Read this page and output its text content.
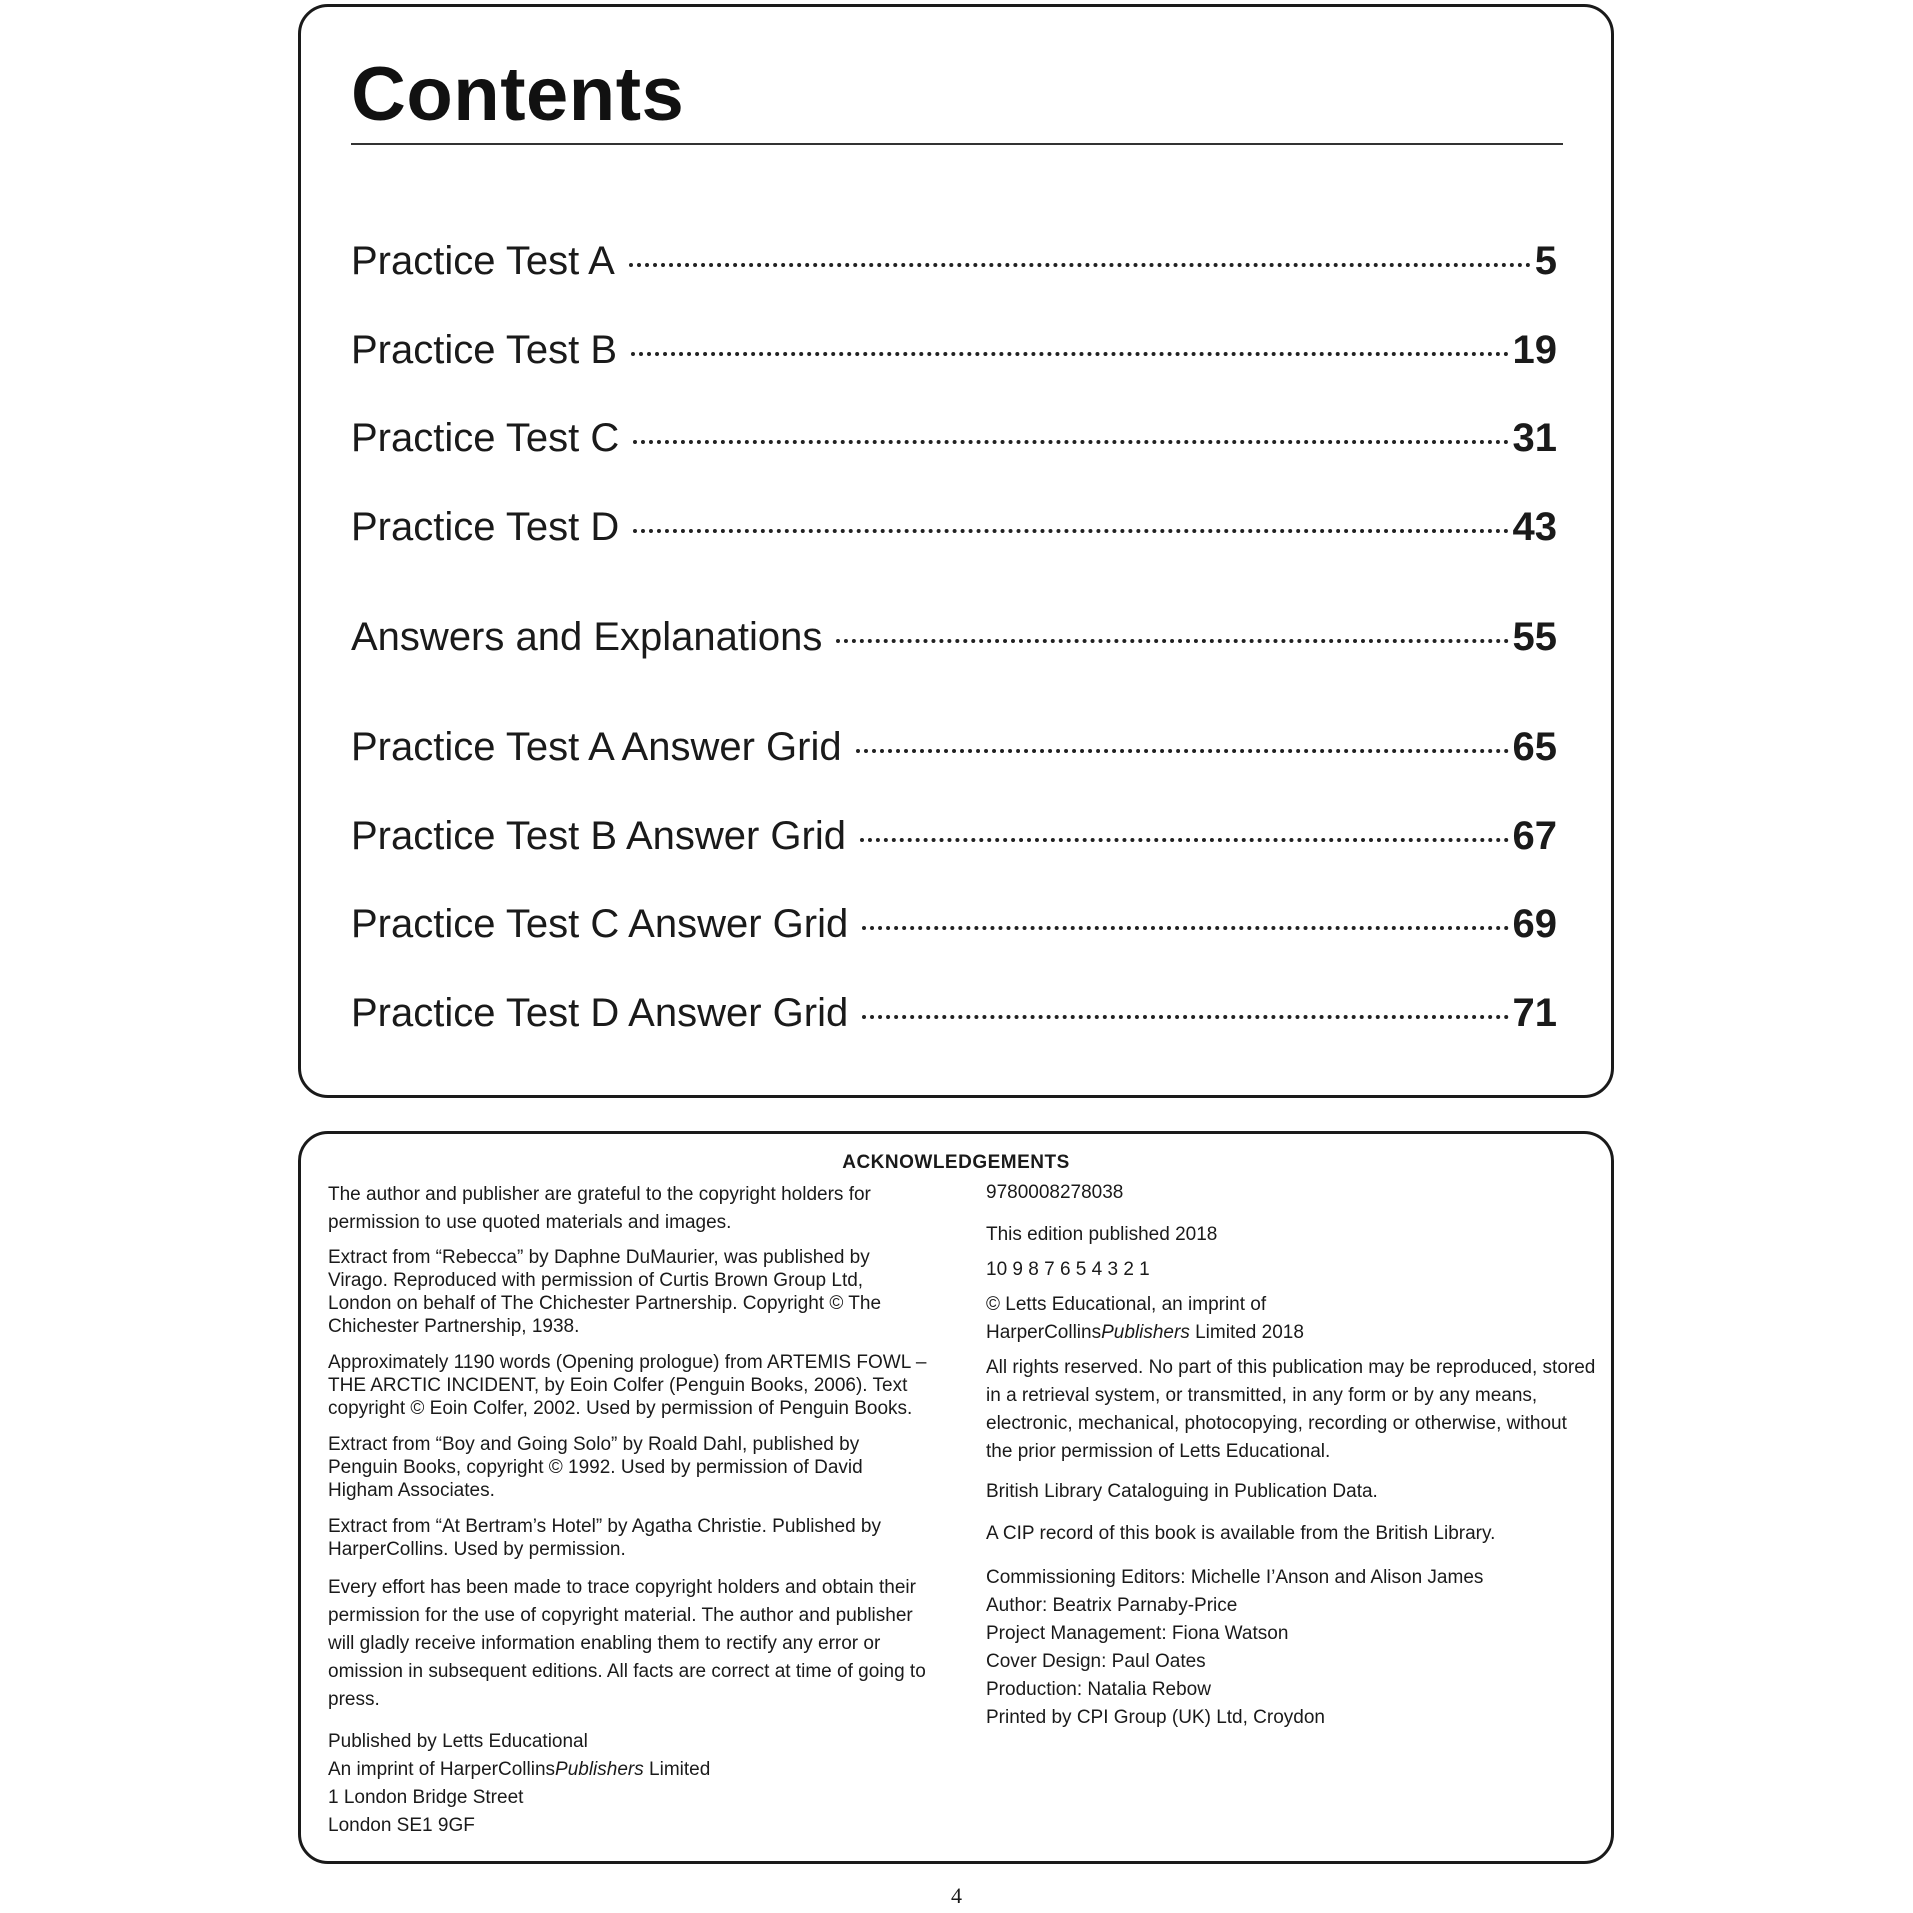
Contents
Practice Test A	5
Practice Test B	19
Practice Test C	31
Practice Test D	43
Answers and Explanations	55
Practice Test A Answer Grid	65
Practice Test B Answer Grid	67
Practice Test C Answer Grid	69
Practice Test D Answer Grid	71
ACKNOWLEDGEMENTS

The author and publisher are grateful to the copyright holders for permission to use quoted materials and images.

Extract from “Rebecca” by Daphne DuMaurier, was published by Virago. Reproduced with permission of Curtis Brown Group Ltd, London on behalf of The Chichester Partnership. Copyright © The Chichester Partnership, 1938.

Approximately 1190 words (Opening prologue) from ARTEMIS FOWL – THE ARCTIC INCIDENT, by Eoin Colfer (Penguin Books, 2006). Text copyright © Eoin Colfer, 2002. Used by permission of Penguin Books.

Extract from “Boy and Going Solo” by Roald Dahl, published by Penguin Books, copyright © 1992. Used by permission of David Higham Associates.

Extract from “At Bertram’s Hotel” by Agatha Christie. Published by HarperCollins. Used by permission.

Every effort has been made to trace copyright holders and obtain their permission for the use of copyright material. The author and publisher will gladly receive information enabling them to rectify any error or omission in subsequent editions. All facts are correct at time of going to press.

Published by Letts Educational
An imprint of HarperCollinsPublishers Limited
1 London Bridge Street
London SE1 9GF

9780008278038

This edition published 2018

10 9 8 7 6 5 4 3 2 1

© Letts Educational, an imprint of
HarperCollinsPublishers Limited 2018

All rights reserved. No part of this publication may be reproduced, stored in a retrieval system, or transmitted, in any form or by any means, electronic, mechanical, photocopying, recording or otherwise, without the prior permission of Letts Educational.

British Library Cataloguing in Publication Data.

A CIP record of this book is available from the British Library.

Commissioning Editors: Michelle I’Anson and Alison James
Author: Beatrix Parnaby-Price
Project Management: Fiona Watson
Cover Design: Paul Oates
Production: Natalia Rebow
Printed by CPI Group (UK) Ltd, Croydon
4
